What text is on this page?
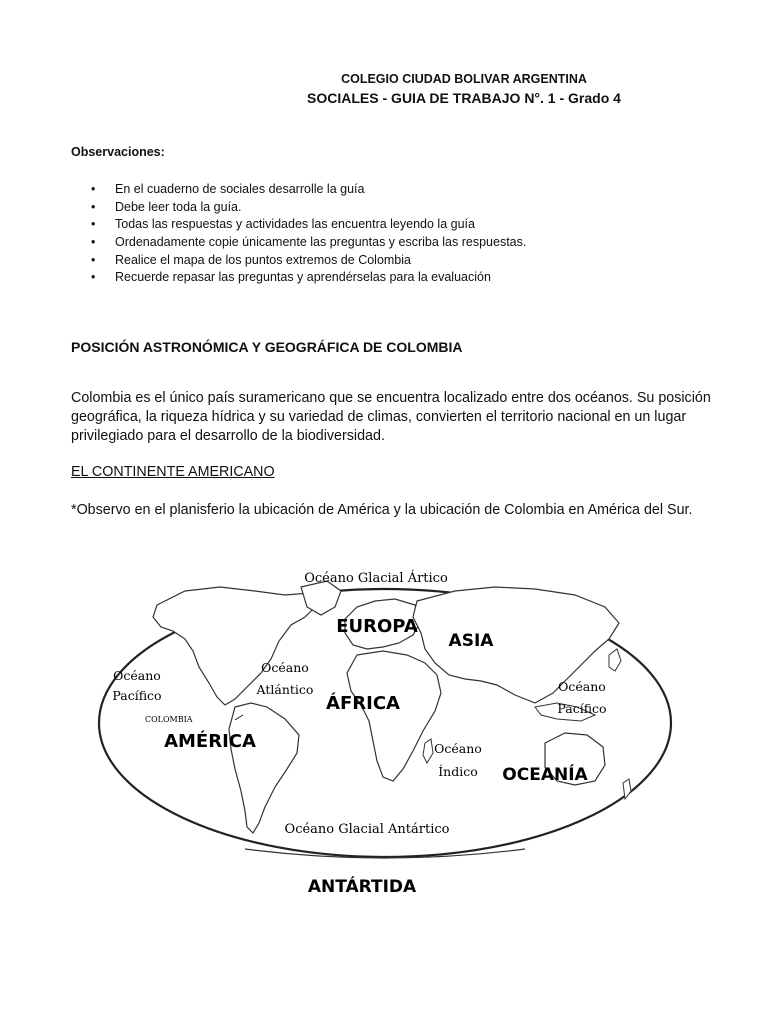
COLEGIO CIUDAD BOLIVAR ARGENTINA
SOCIALES - GUIA DE TRABAJO N°. 1 - Grado 4
Observaciones:
• En el cuaderno de sociales desarrolle la guía
• Debe leer toda la guía.
• Todas las respuestas y actividades las encuentra leyendo la guía
• Ordenadamente copie únicamente las preguntas y escriba las respuestas.
• Realice el mapa de los puntos extremos de Colombia
• Recuerde repasar las preguntas y aprendérselas para la evaluación
POSICIÓN ASTRONÓMICA Y GEOGRÁFICA DE COLOMBIA
Colombia es el único país suramericano que se encuentra localizado entre dos océanos. Su posición geográfica, la riqueza hídrica y su variedad de climas, convierten el territorio nacional en un lugar privilegiado para el desarrollo de la biodiversidad.
EL CONTINENTE AMERICANO
*Observo en el planisferio la ubicación de América y la ubicación de Colombia en América del Sur.
Océano Glacial Ártico
EUROPA
ASIA
Océano
Pacífico
Océano
Atlántico
ÁFRICA
Océano
Pacífico
COLOMBIA
AMÉRICA	Océano
Índico OCEANÍA
Océano Glacial Antártico
ANTÁRTIDA
